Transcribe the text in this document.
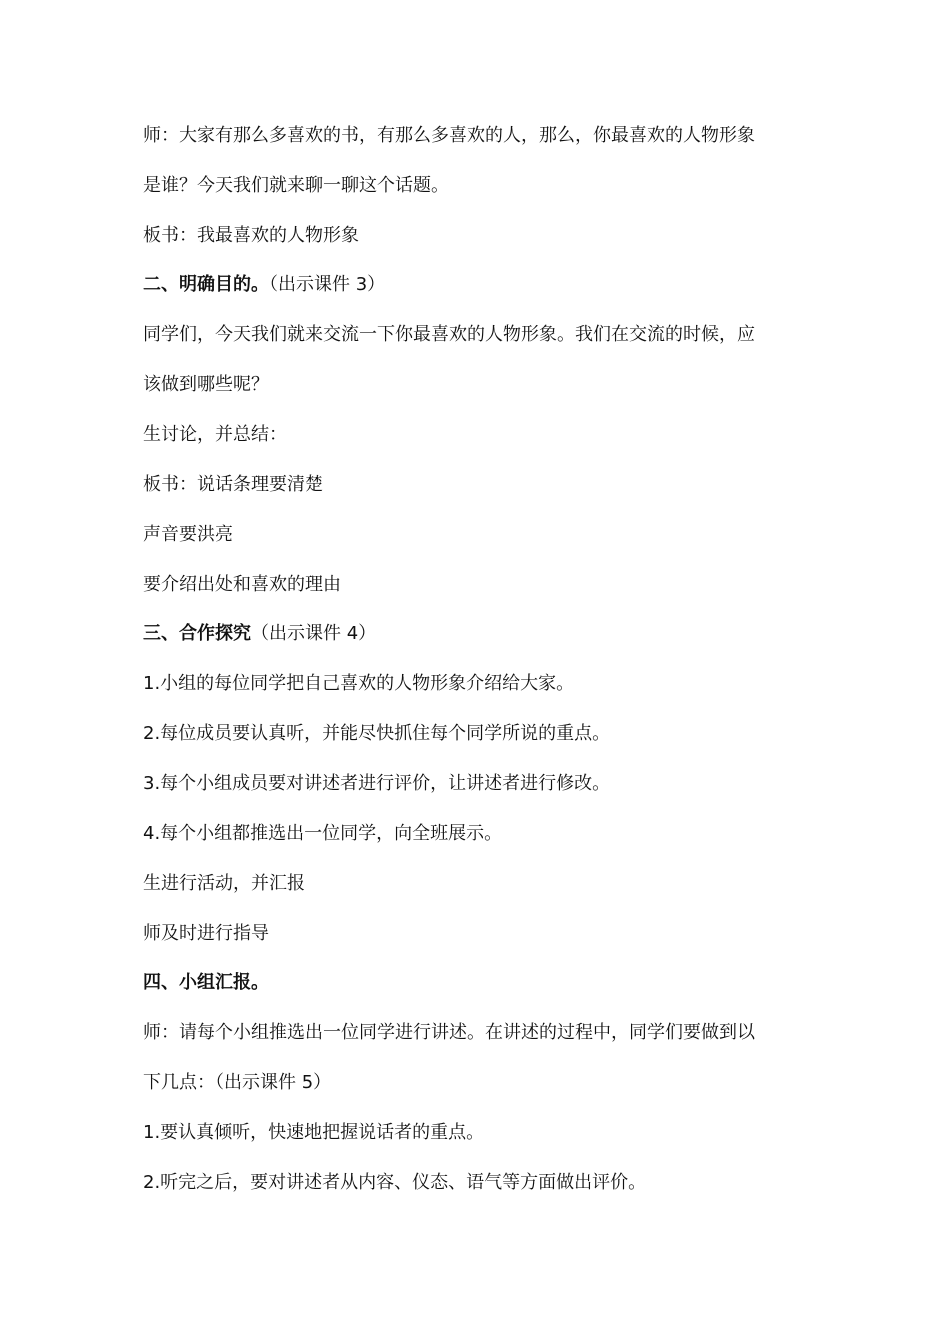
师：大家有那么多喜欢的书，有那么多喜欢的人，那么，你最喜欢的人物形象
是谁？今天我们就来聊一聊这个话题。
板书：我最喜欢的人物形象
二、明确目的。（出示课件 3）
同学们，今天我们就来交流一下你最喜欢的人物形象。我们在交流的时候，应
该做到哪些呢？
生讨论，并总结：
板书：说话条理要清楚
声音要洪亮
要介绍出处和喜欢的理由
三、合作探究（出示课件 4）
1.小组的每位同学把自己喜欢的人物形象介绍给大家。
2.每位成员要认真听，并能尽快抓住每个同学所说的重点。
3.每个小组成员要对讲述者进行评价，让讲述者进行修改。
4.每个小组都推选出一位同学，向全班展示。
生进行活动，并汇报
师及时进行指导
四、小组汇报。
师：请每个小组推选出一位同学进行讲述。在讲述的过程中，同学们要做到以
下几点：（出示课件 5）
1.要认真倾听，快速地把握说话者的重点。
2.听完之后，要对讲述者从内容、仪态、语气等方面做出评价。
